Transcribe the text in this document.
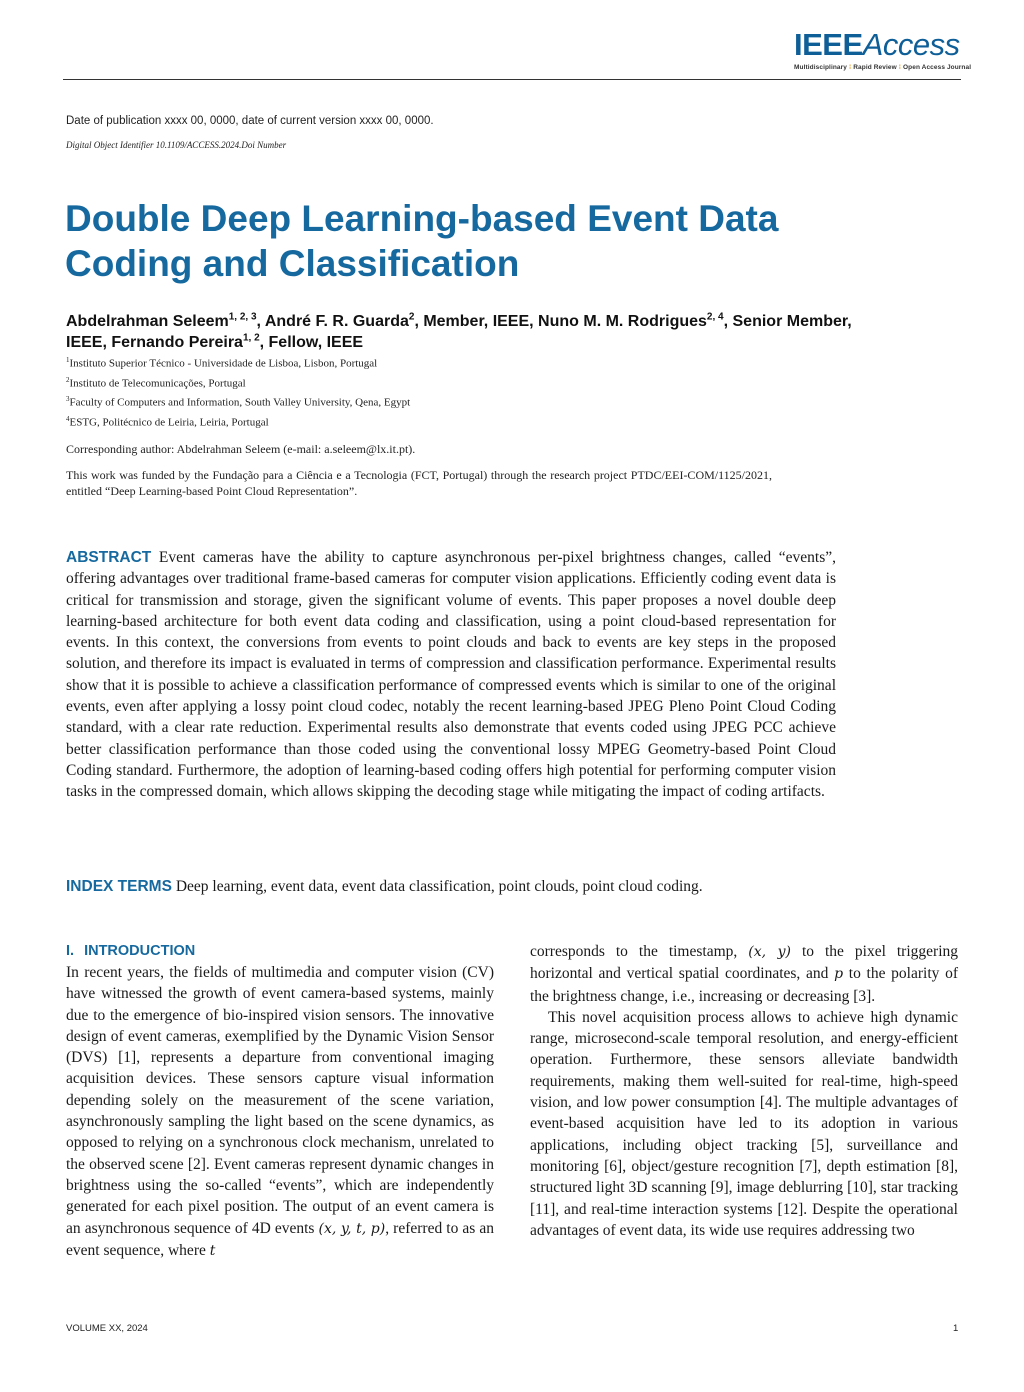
IEEEAccess
Multidisciplinary ⁞ Rapid Review ⁞ Open Access Journal
Date of publication xxxx 00, 0000, date of current version xxxx 00, 0000.
Digital Object Identifier 10.1109/ACCESS.2024.Doi Number
Double Deep Learning-based Event Data Coding and Classification
Abdelrahman Seleem$^{1, 2, 3}$, André F. R. Guarda$^2$, Member, IEEE, Nuno M. M. Rodrigues$^{2, 4}$, Senior Member, IEEE, Fernando Pereira$^{1, 2}$, Fellow, IEEE
$^1$Instituto Superior Técnico - Universidade de Lisboa, Lisbon, Portugal
$^2$Instituto de Telecomunicações, Portugal
$^3$Faculty of Computers and Information, South Valley University, Qena, Egypt
$^4$ESTG, Politécnico de Leiria, Leiria, Portugal
Corresponding author: Abdelrahman Seleem (e-mail: a.seleem@lx.it.pt).
This work was funded by the Fundação para a Ciência e a Tecnologia (FCT, Portugal) through the research project PTDC/EEI-COM/1125/2021, entitled “Deep Learning-based Point Cloud Representation”.
ABSTRACT Event cameras have the ability to capture asynchronous per-pixel brightness changes, called “events”, offering advantages over traditional frame-based cameras for computer vision applications. Efficiently coding event data is critical for transmission and storage, given the significant volume of events. This paper proposes a novel double deep learning-based architecture for both event data coding and classification, using a point cloud-based representation for events. In this context, the conversions from events to point clouds and back to events are key steps in the proposed solution, and therefore its impact is evaluated in terms of compression and classification performance. Experimental results show that it is possible to achieve a classification performance of compressed events which is similar to one of the original events, even after applying a lossy point cloud codec, notably the recent learning-based JPEG Pleno Point Cloud Coding standard, with a clear rate reduction. Experimental results also demonstrate that events coded using JPEG PCC achieve better classification performance than those coded using the conventional lossy MPEG Geometry-based Point Cloud Coding standard. Furthermore, the adoption of learning-based coding offers high potential for performing computer vision tasks in the compressed domain, which allows skipping the decoding stage while mitigating the impact of coding artifacts.
INDEX TERMS Deep learning, event data, event data classification, point clouds, point cloud coding.
I. INTRODUCTION

In recent years, the fields of multimedia and computer vision (CV) have witnessed the growth of event camera-based systems, mainly due to the emergence of bio-inspired vision sensors. The innovative design of event cameras, exemplified by the Dynamic Vision Sensor (DVS) [1], represents a departure from conventional imaging acquisition devices. These sensors capture visual information depending solely on the measurement of the scene variation, asynchronously sampling the light based on the scene dynamics, as opposed to relying on a synchronous clock mechanism, unrelated to the observed scene [2]. Event cameras represent dynamic changes in brightness using the so-called “events”, which are independently generated for each pixel position. The output of an event camera is an asynchronous sequence of 4D events (x, y, t, p), referred to as an event sequence, where t

corresponds to the timestamp, (x, y) to the pixel triggering horizontal and vertical spatial coordinates, and p to the polarity of the brightness change, i.e., increasing or decreasing [3].

This novel acquisition process allows to achieve high dynamic range, microsecond-scale temporal resolution, and energy-efficient operation. Furthermore, these sensors alleviate bandwidth requirements, making them well-suited for real-time, high-speed vision, and low power consumption [4]. The multiple advantages of event-based acquisition have led to its adoption in various applications, including object tracking [5], surveillance and monitoring [6], object/gesture recognition [7], depth estimation [8], structured light 3D scanning [9], image deblurring [10], star tracking [11], and real-time interaction systems [12]. Despite the operational advantages of event data, its wide use requires addressing two

VOLUME XX, 2024	1
